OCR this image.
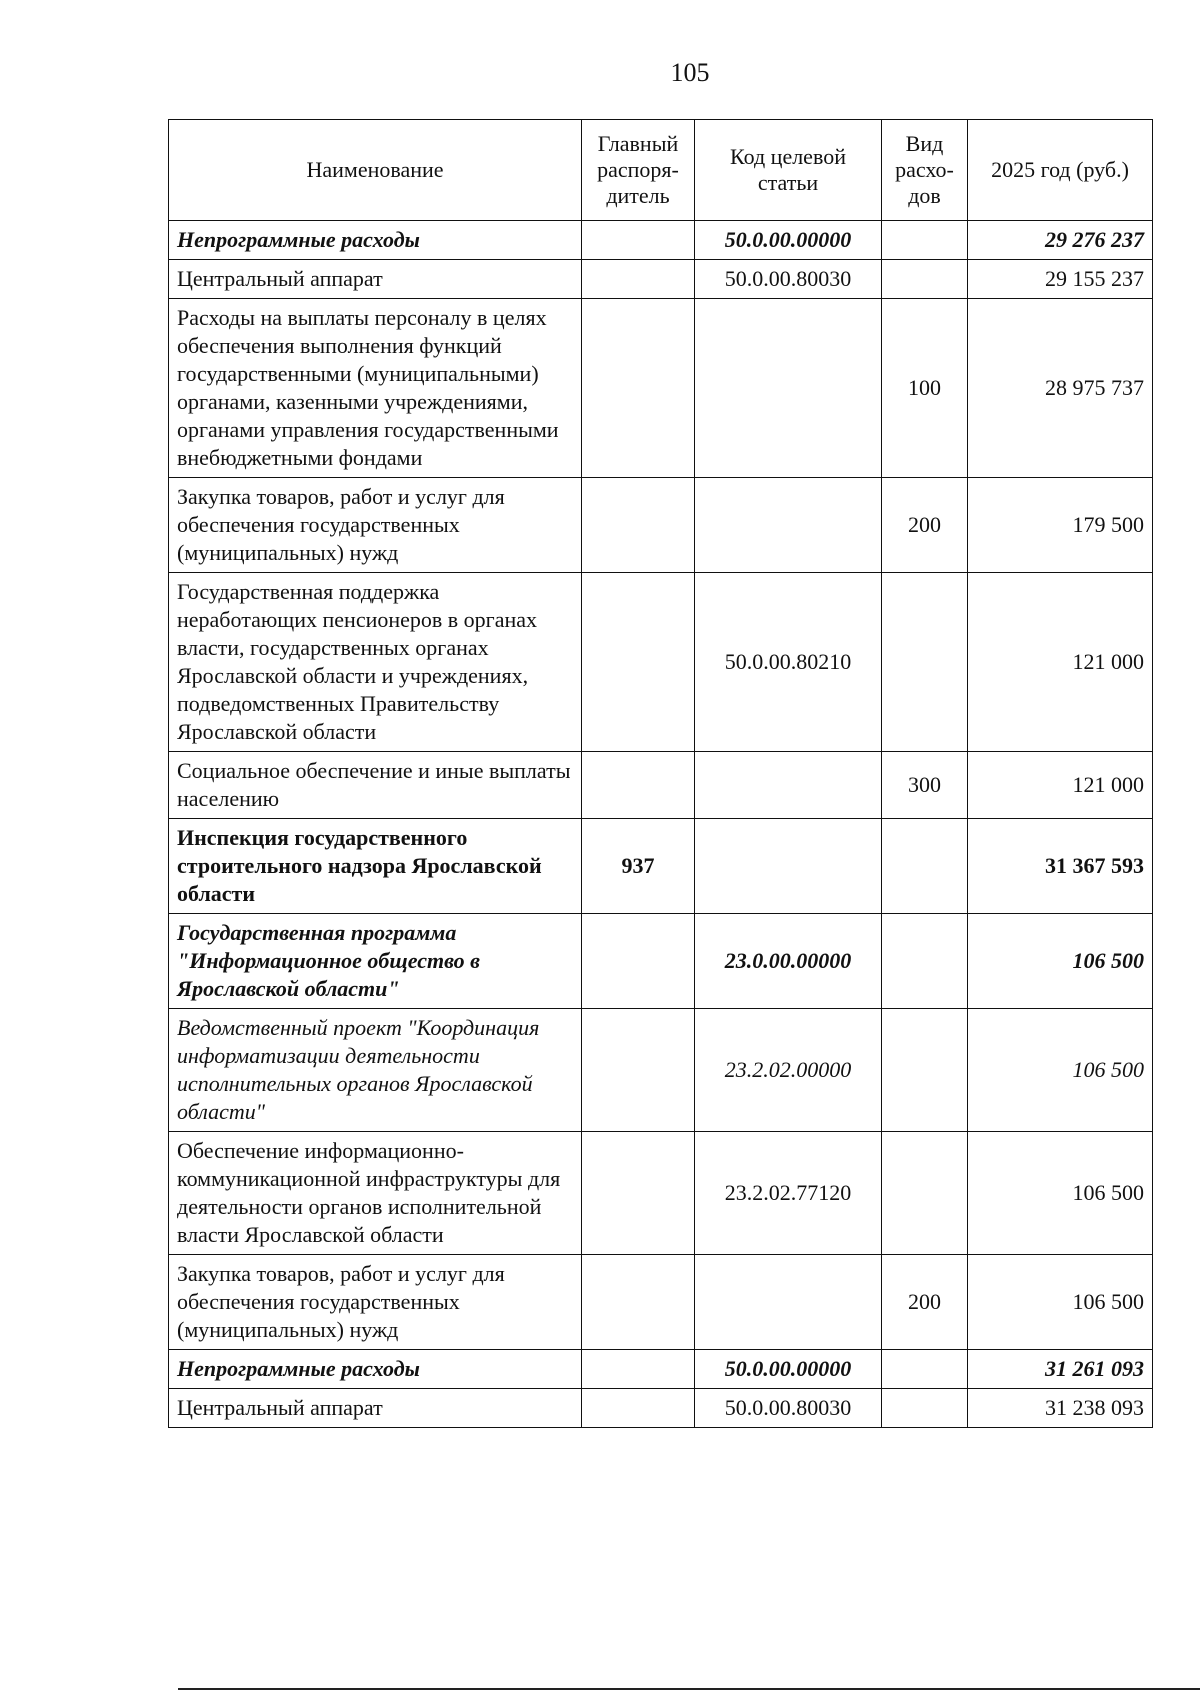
105
Наименование	Главный распоря-дитель	Код целевой статьи	Вид расхо-дов	2025 год (руб.)
Непрограммные расходы		50.0.00.00000		29 276 237
Центральный аппарат		50.0.00.80030		29 155 237
Расходы на выплаты персоналу в целях обеспечения выполнения функций государственными (муниципальными) органами, казенными учреждениями, органами управления государственными внебюджетными фондами			100	28 975 737
Закупка товаров, работ и услуг для обеспечения государственных (муниципальных) нужд			200	179 500
Государственная поддержка неработающих пенсионеров в органах власти, государственных органах Ярославской области и учреждениях, подведомственных Правительству Ярославской области		50.0.00.80210		121 000
Социальное обеспечение и иные выплаты населению			300	121 000
Инспекция государственного строительного надзора Ярославской области	937			31 367 593
Государственная программа "Информационное общество в Ярославской области"		23.0.00.00000		106 500
Ведомственный проект "Координация информатизации деятельности исполнительных органов Ярославской области"		23.2.02.00000		106 500
Обеспечение информационно-коммуникационной инфраструктуры для деятельности органов исполнительной власти Ярославской области		23.2.02.77120		106 500
Закупка товаров, работ и услуг для обеспечения государственных (муниципальных) нужд			200	106 500
Непрограммные расходы		50.0.00.00000		31 261 093
Центральный аппарат		50.0.00.80030		31 238 093
